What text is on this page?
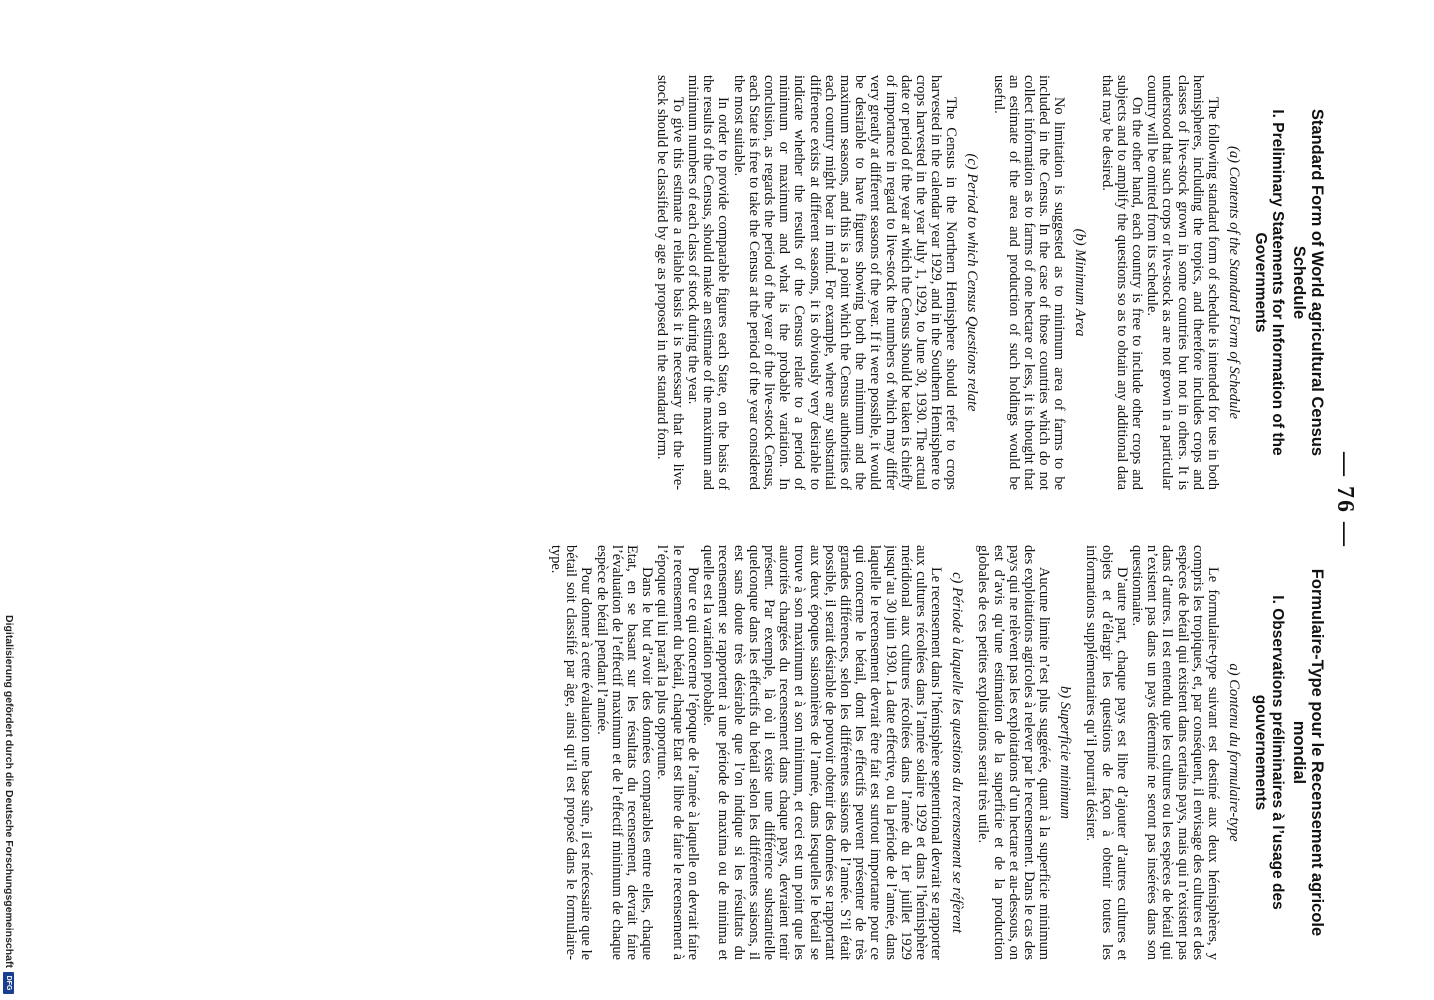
— 76 —
Standard Form of World agricultural Census Schedule
I. Preliminary Statements for Information of the Governments
(a) Contents of the Standard Form of Schedule

The following standard form of schedule is intended for use in both hemispheres, including the tropics, and therefore includes crops and classes of live-stock grown in some countries but not in others. It is understood that such crops or live-stock as are not grown in a particular country will be omitted from its schedule.

On the other hand, each country is free to include other crops and subjects and to amplify the questions so as to obtain any additional data that may be desired.

(b) Minimum Area

No limitation is suggested as to minimum area of farms to be included in the Census. In the case of those countries which do not collect information as to farms of one hectare or less, it is thought that an estimate of the area and production of such holdings would be useful.

(c) Period to which Census Questions relate

The Census in the Northern Hemisphere should refer to crops harvested in the calendar year 1929, and in the Southern Hemisphere to crops harvested in the year July 1, 1929, to June 30, 1930. The actual date or period of the year at which the Census should be taken is chiefly of importance in regard to live-stock the numbers of which may differ very greatly at different seasons of the year. If it were possible, it would be desirable to have figures showing both the minimum and the maximum seasons, and this is a point which the Census authorities of each country might bear in mind. For example, where any substantial difference exists at different seasons, it is obviously very desirable to indicate whether the results of the Census relate to a period of minimum or maximum and what is the probable variation. In conclusion, as regards the period of the year of the live-stock Census, each State is free to take the Census at the period of the year considered the most suitable.

In order to provide comparable figures each State, on the basis of the results of the Census, should make an estimate of the maximum and minimum numbers of each class of stock during the year.

To give this estimate a reliable basis it is necessary that the live-stock should be classified by age as proposed in the standard form.

Formulaire-Type pour le Recensement agricole mondial
I. Observations préliminaires à l’usage des gouvernements
a) Contenu du formulaire-type

Le formulaire-type suivant est destiné aux deux hémisphères, y compris les tropiques, et, par conséquent, il envisage des cultures et des espèces de bétail qui existent dans certains pays, mais qui n’existent pas dans d’autres. Il est entendu que les cultures ou les espèces de bétail qui n’existent pas dans un pays déterminé ne seront pas insérées dans son questionnaire.

D’autre part, chaque pays est libre d’ajouter d’autres cultures et objets et d’élargir les questions de façon à obtenir toutes les informations supplémentaires qu’il pourrait désirer.

b) Superficie minimum

Aucune limite n’est plus suggérée, quant à la superficie minimum des exploitations agricoles à relever par le recensement. Dans le cas des pays qui ne relèvent pas les exploitations d’un hectare et au-dessous, on est d’avis qu’une estimation de la superficie et de la production globales de ces petites exploitations serait très utile.

c) Période à laquelle les questions du recensement se réfèrent

Le recensement dans l’hémisphère septentrional devrait se rapporter aux cultures récoltées dans l’année solaire 1929 et dans l’hémisphère méridional aux cultures récoltées dans l’année du 1er juillet 1929 jusqu’au 30 juin 1930. La date effective, ou la période de l’année, dans laquelle le recensement devrait être fait est surtout importante pour ce qui concerne le bétail, dont les effectifs peuvent présenter de très grandes différences, selon les différentes saisons de l’année. S’il était possible, il serait désirable de pouvoir obtenir des données se rapportant aux deux époques saisonnières de l’année, dans lesquelles le bétail se trouve à son maximum et à son minimum, et ceci est un point que les autorités chargées du recensement dans chaque pays, devraient tenir présent. Par exemple, là où il existe une différence substantielle quelconque dans les effectifs du bétail selon les différentes saisons, il est sans doute très désirable que l’on indique si les résultats du recensement se rapportent à une période de maxima ou de minima et quelle est la variation probable.

Pour ce qui concerne l’époque de l’année à laquelle on devrait faire le recensement du bétail, chaque Etat est libre de faire le recensement à l’époque qui lui paraît la plus opportune.

Dans le but d’avoir des données comparables entre elles, chaque Etat, en se basant sur les résultats du recensement, devrait faire l’évaluation de l’effectif maximum et de l’effectif minimum de chaque espèce de bétail pendant l’année.

Pour donner à cette évaluation une base sûre, il est nécessaire que le bétail soit classifié par âge, ainsi qu’il est proposé dans le formulaire-type.

Digitalisierung gefördert durch die Deutsche Forschungsgemeinschaft
DFG
